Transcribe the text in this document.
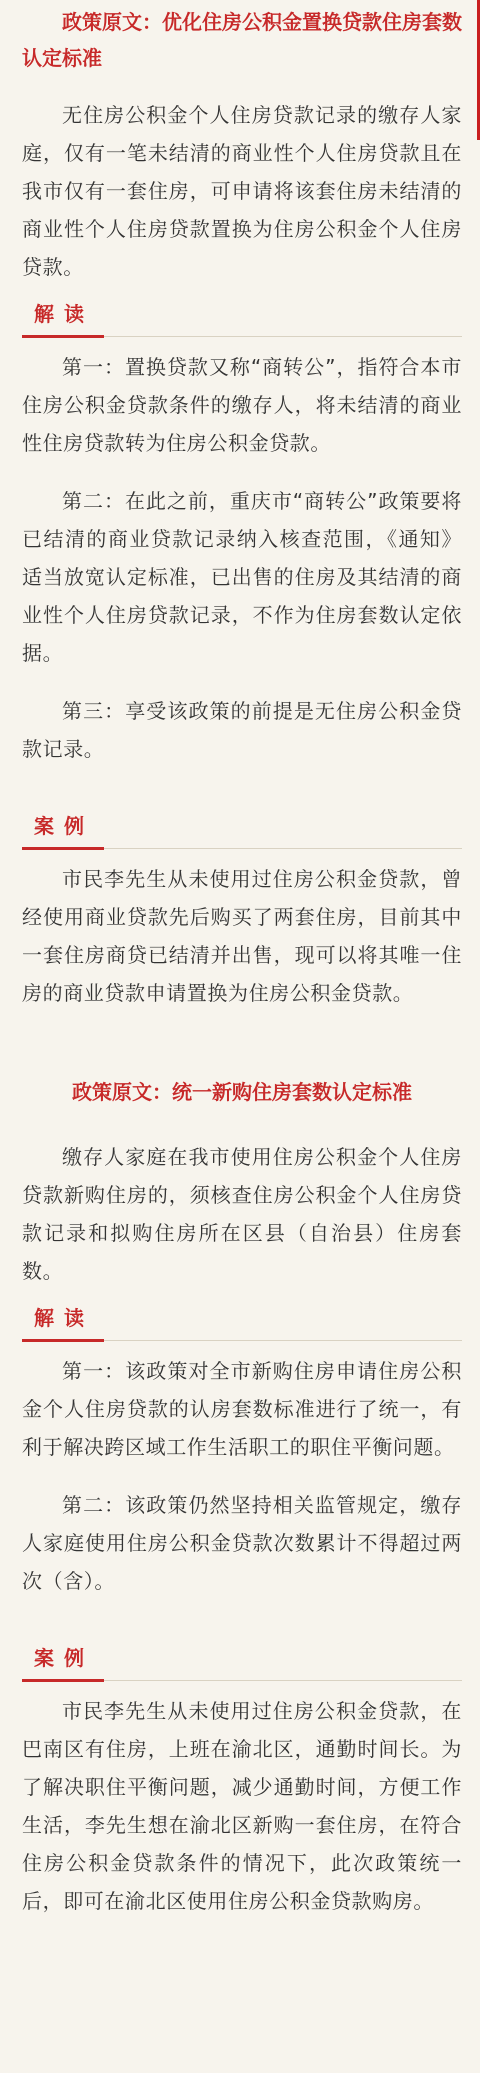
政策原文：优化住房公积金置换贷款住房套数认定标准

无住房公积金个人住房贷款记录的缴存人家庭，仅有一笔未结清的商业性个人住房贷款且在我市仅有一套住房，可申请将该套住房未结清的商业性个人住房贷款置换为住房公积金个人住房贷款。

解读

第一：置换贷款又称“商转公”，指符合本市住房公积金贷款条件的缴存人，将未结清的商业性住房贷款转为住房公积金贷款。

第二：在此之前，重庆市“商转公”政策要将已结清的商业贷款记录纳入核查范围，《通知》适当放宽认定标准，已出售的住房及其结清的商业性个人住房贷款记录，不作为住房套数认定依据。

第三：享受该政策的前提是无住房公积金贷款记录。

案例

市民李先生从未使用过住房公积金贷款，曾经使用商业贷款先后购买了两套住房，目前其中一套住房商贷已结清并出售，现可以将其唯一住房的商业贷款申请置换为住房公积金贷款。

政策原文：统一新购住房套数认定标准

缴存人家庭在我市使用住房公积金个人住房贷款新购住房的，须核查住房公积金个人住房贷款记录和拟购住房所在区县（自治县）住房套数。

解读

第一：该政策对全市新购住房申请住房公积金个人住房贷款的认房套数标准进行了统一，有利于解决跨区域工作生活职工的职住平衡问题。

第二：该政策仍然坚持相关监管规定，缴存人家庭使用住房公积金贷款次数累计不得超过两次（含）。

案例

市民李先生从未使用过住房公积金贷款，在巴南区有住房，上班在渝北区，通勤时间长。为了解决职住平衡问题，减少通勤时间，方便工作生活，李先生想在渝北区新购一套住房，在符合住房公积金贷款条件的情况下，此次政策统一后，即可在渝北区使用住房公积金贷款购房。
